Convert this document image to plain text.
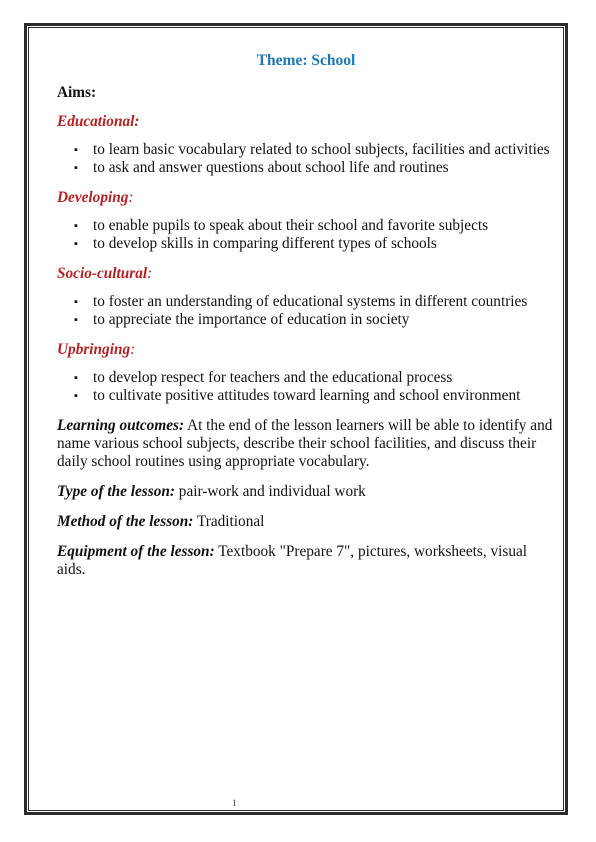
Theme: School

Aims:

Educational:

▪ to learn basic vocabulary related to school subjects, facilities and activities
▪ to ask and answer questions about school life and routines

Developing:

▪ to enable pupils to speak about their school and favorite subjects
▪ to develop skills in comparing different types of schools

Socio-cultural:

▪ to foster an understanding of educational systems in different countries
▪ to appreciate the importance of education in society

Upbringing:

▪ to develop respect for teachers and the educational process
▪ to cultivate positive attitudes toward learning and school environment

Learning outcomes: At the end of the lesson learners will be able to identify and name various school subjects, describe their school facilities, and discuss their daily school routines using appropriate vocabulary.

Type of the lesson: pair-work and individual work

Method of the lesson: Traditional

Equipment of the lesson: Textbook "Prepare 7", pictures, worksheets, visual aids.

1
